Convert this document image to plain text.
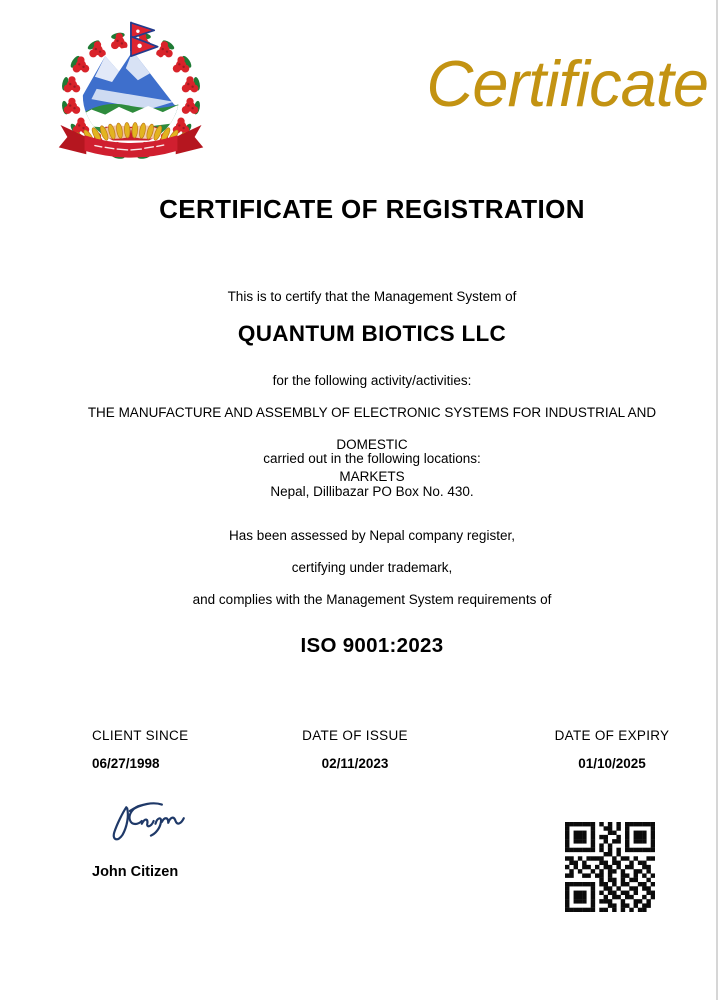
Certificate
CERTIFICATE OF REGISTRATION
This is to certify that the Management System of
QUANTUM BIOTICS LLC
for the following activity/activities:

THE MANUFACTURE AND ASSEMBLY OF ELECTRONIC SYSTEMS FOR INDUSTRIAL AND

DOMESTIC

MARKETS

carried out in the following locations:
Nepal, Dillibazar PO Box No. 430.

Has been assessed by Nepal company register,

certifying under trademark,

and complies with the Management System requirements of

ISO 9001:2023
CLIENT SINCE
06/27/1998
DATE OF ISSUE
02/11/2023
DATE OF EXPIRY
01/10/2025
John Citizen
